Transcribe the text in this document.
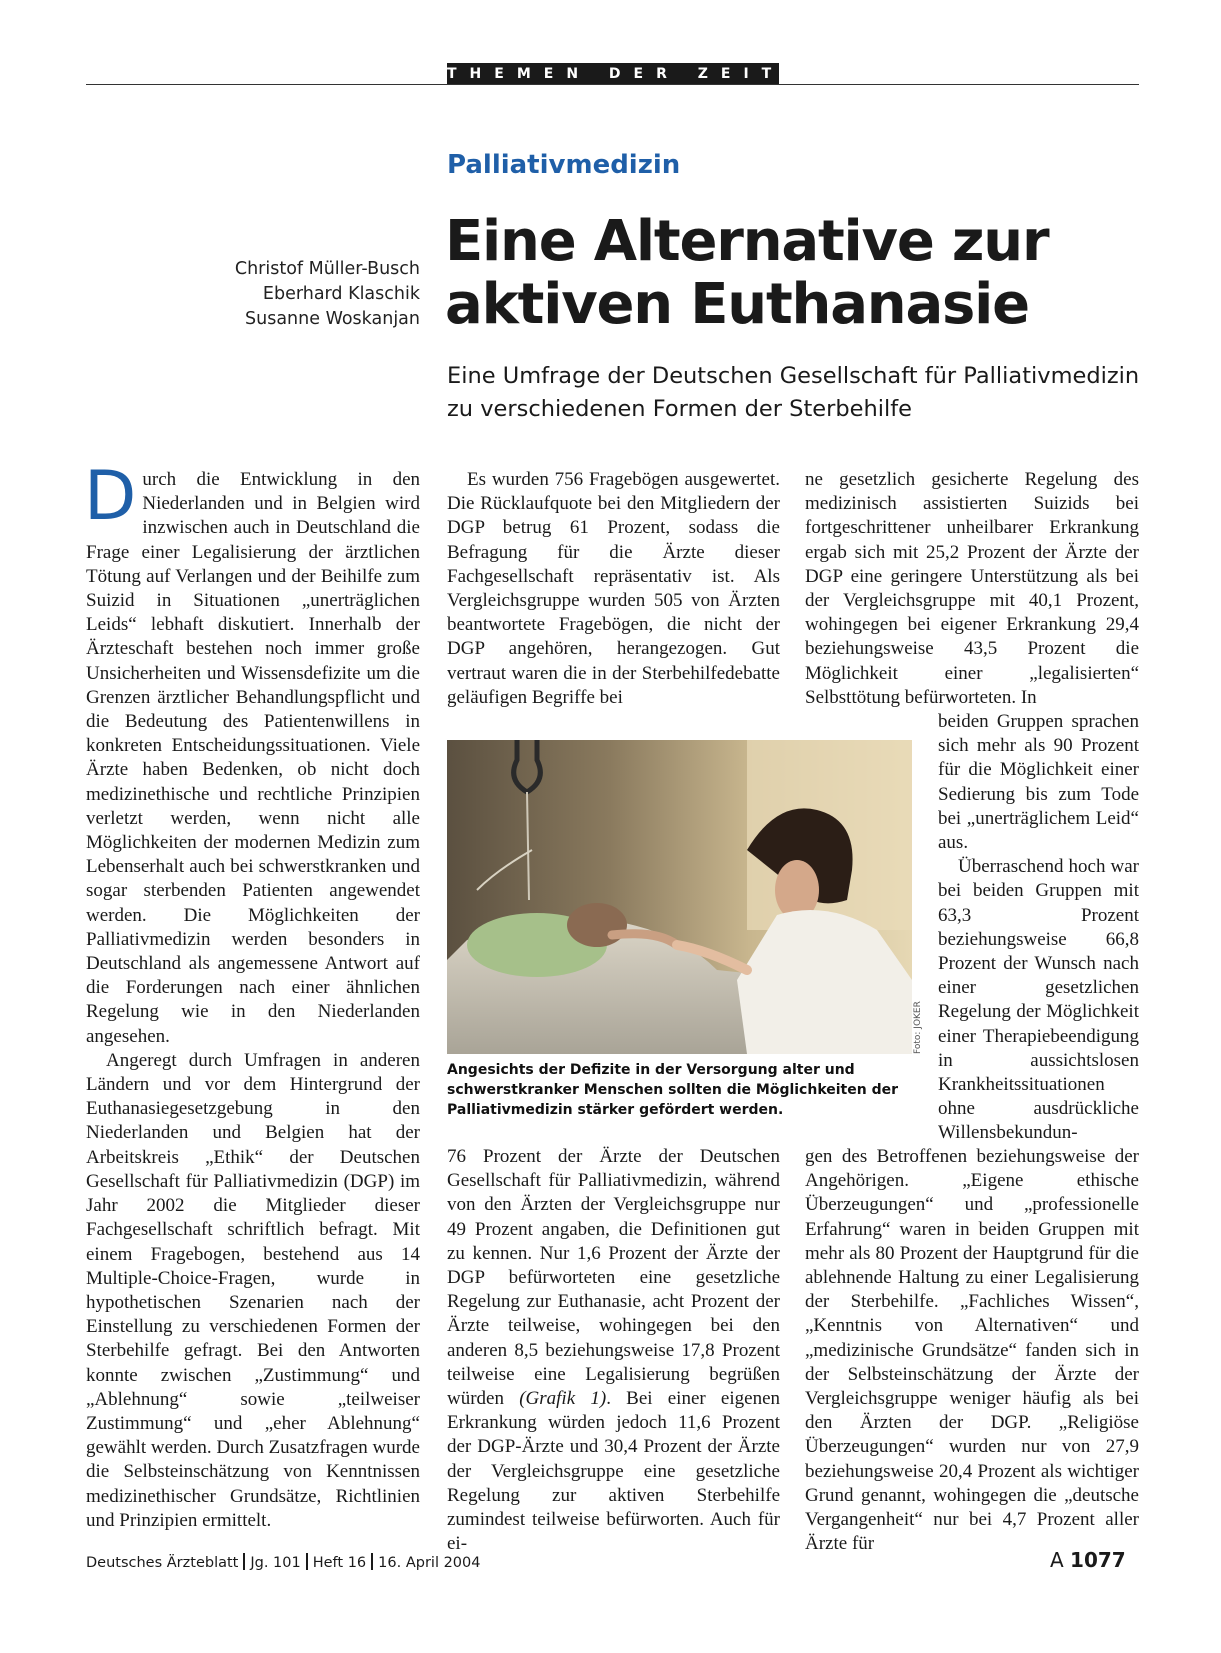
THEMEN DER ZEIT
Palliativmedizin
Christof Müller-Busch
Eberhard Klaschik
Susanne Woskanjan
Eine Alternative zur aktiven Euthanasie

Eine Umfrage der Deutschen Gesellschaft für Palliativmedizin zu verschiedenen Formen der Sterbehilfe

Durch die Entwicklung in den Niederlanden und in Belgien wird inzwischen auch in Deutschland die Frage einer Legalisierung der ärztlichen Tötung auf Verlangen und der Beihilfe zum Suizid in Situationen „unerträglichen Leids“ lebhaft diskutiert. Innerhalb der Ärzteschaft bestehen noch immer große Unsicherheiten und Wissensdefizite um die Grenzen ärztlicher Behandlungspflicht und die Bedeutung des Patientenwillens in konkreten Entscheidungssituationen. Viele Ärzte haben Bedenken, ob nicht doch medizinethische und rechtliche Prinzipien verletzt werden, wenn nicht alle Möglichkeiten der modernen Medizin zum Lebenserhalt auch bei schwerstkranken und sogar sterbenden Patienten angewendet werden. Die Möglichkeiten der Palliativmedizin werden besonders in Deutschland als angemessene Antwort auf die Forderungen nach einer ähnlichen Regelung wie in den Niederlanden angesehen.

Angeregt durch Umfragen in anderen Ländern und vor dem Hintergrund der Euthanasiegesetzgebung in den Niederlanden und Belgien hat der Arbeitskreis „Ethik“ der Deutschen Gesellschaft für Palliativmedizin (DGP) im Jahr 2002 die Mitglieder dieser Fachgesellschaft schriftlich befragt. Mit einem Fragebogen, bestehend aus 14 Multiple-Choice-Fragen, wurde in hypothetischen Szenarien nach der Einstellung zu verschiedenen Formen der Sterbehilfe gefragt. Bei den Antworten konnte zwischen „Zustimmung“ und „Ablehnung“ sowie „teilweiser Zustimmung“ und „eher Ablehnung“ gewählt werden. Durch Zusatzfragen wurde die Selbsteinschätzung von Kenntnissen medizinethischer Grundsätze, Richtlinien und Prinzipien ermittelt.

Es wurden 756 Fragebögen ausgewertet. Die Rücklaufquote bei den Mitgliedern der DGP betrug 61 Prozent, sodass die Befragung für die Ärzte dieser Fachgesellschaft repräsentativ ist. Als Vergleichsgruppe wurden 505 von Ärzten beantwortete Fragebögen, die nicht der DGP angehören, herangezogen. Gut vertraut waren die in der Sterbehilfedebatte geläufigen Begriffe bei

Foto: JOKER
Angesichts der Defizite in der Versorgung alter und schwerstkranker Menschen sollten die Möglichkeiten der Palliativmedizin stärker gefördert werden.

76 Prozent der Ärzte der Deutschen Gesellschaft für Palliativmedizin, während von den Ärzten der Vergleichsgruppe nur 49 Prozent angaben, die Definitionen gut zu kennen. Nur 1,6 Prozent der Ärzte der DGP befürworteten eine gesetzliche Regelung zur Euthanasie, acht Prozent der Ärzte teilweise, wohingegen bei den anderen 8,5 beziehungsweise 17,8 Prozent teilweise eine Legalisierung begrüßen würden (Grafik 1). Bei einer eigenen Erkrankung würden jedoch 11,6 Prozent der DGP-Ärzte und 30,4 Prozent der Ärzte der Vergleichsgruppe eine gesetzliche Regelung zur aktiven Sterbehilfe zumindest teilweise befürworten. Auch für ei-

ne gesetzlich gesicherte Regelung des medizinisch assistierten Suizids bei fortgeschrittener unheilbarer Erkrankung ergab sich mit 25,2 Prozent der Ärzte der DGP eine geringere Unterstützung als bei der Vergleichsgruppe mit 40,1 Prozent, wohingegen bei eigener Erkrankung 29,4 beziehungsweise 43,5 Prozent die Möglichkeit einer „legalisierten“ Selbsttötung befürworteten. In

beiden Gruppen sprachen sich mehr als 90 Prozent für die Möglichkeit einer Sedierung bis zum Tode bei „unerträglichem Leid“ aus.

Überraschend hoch war bei beiden Gruppen mit 63,3 Prozent beziehungsweise 66,8 Prozent der Wunsch nach einer gesetzlichen Regelung der Möglichkeit einer Therapiebeendigung in aussichtslosen Krankheitssituationen ohne ausdrückliche Willensbekundun-

gen des Betroffenen beziehungsweise der Angehörigen. „Eigene ethische Überzeugungen“ und „professionelle Erfahrung“ waren in beiden Gruppen mit mehr als 80 Prozent der Hauptgrund für die ablehnende Haltung zu einer Legalisierung der Sterbehilfe. „Fachliches Wissen“, „Kenntnis von Alternativen“ und „medizinische Grundsätze“ fanden sich in der Selbsteinschätzung der Ärzte der Vergleichsgruppe weniger häufig als bei den Ärzten der DGP. „Religiöse Überzeugungen“ wurden nur von 27,9 beziehungsweise 20,4 Prozent als wichtiger Grund genannt, wohingegen die „deutsche Vergangenheit“ nur bei 4,7 Prozent aller Ärzte für

Deutsches Ärzteblatt Jg. 101 Heft 16 16. April 2004	A 1077
